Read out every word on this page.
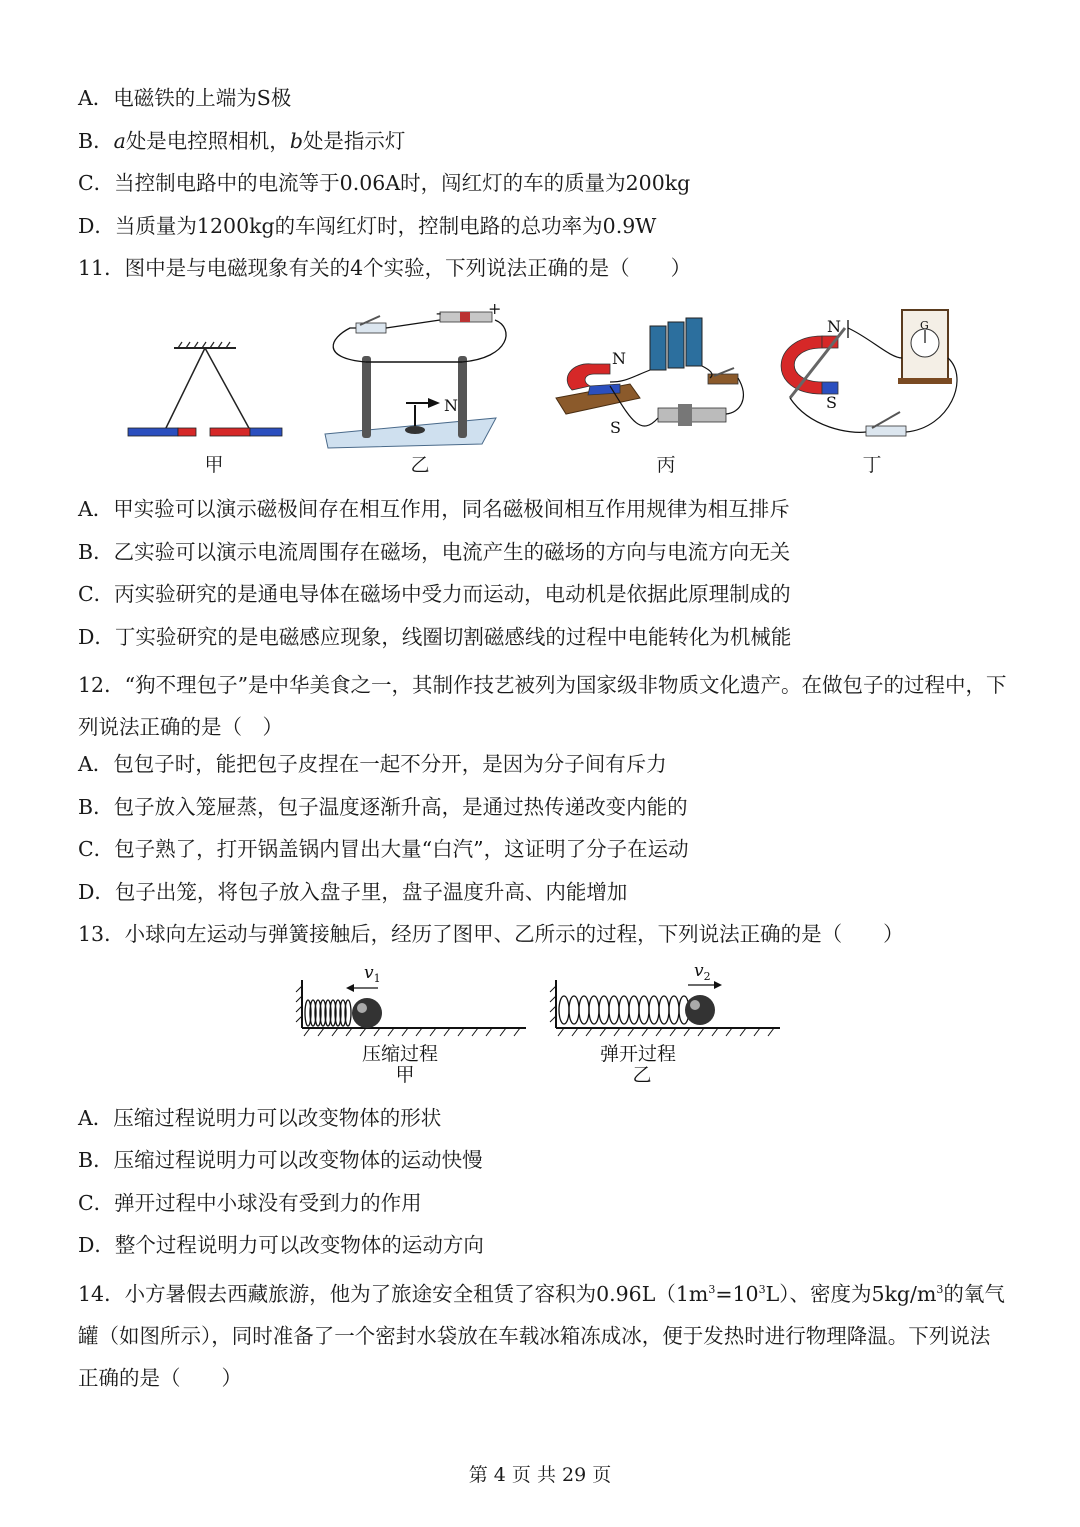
A．电磁铁的上端为S极
B．a处是电控照相机，b处是指示灯
C．当控制电路中的电流等于0.06A时，闯红灯的车的质量为200kg
D．当质量为1200kg的车闯红灯时，控制电路的总功率为0.9W
11．图中是与电磁现象有关的4个实验，下列说法正确的是（　　）
N
+
-
N
S
N
S
G
甲	乙	丙	丁
A．甲实验可以演示磁极间存在相互作用，同名磁极间相互作用规律为相互排斥
B．乙实验可以演示电流周围存在磁场，电流产生的磁场的方向与电流方向无关
C．丙实验研究的是通电导体在磁场中受力而运动，电动机是依据此原理制成的
D．丁实验研究的是电磁感应现象，线圈切割磁感线的过程中电能转化为机械能
12．“狗不理包子”是中华美食之一，其制作技艺被列为国家级非物质文化遗产。在做包子的过程中，下列说法正确的是（　）
A．包包子时，能把包子皮捏在一起不分开，是因为分子间有斥力
B．包子放入笼屉蒸，包子温度逐渐升高，是通过热传递改变内能的
C．包子熟了，打开锅盖锅内冒出大量“白汽”，这证明了分子在运动
D．包子出笼，将包子放入盘子里，盘子温度升高、内能增加
13．小球向左运动与弹簧接触后，经历了图甲、乙所示的过程，下列说法正确的是（　　）
$v_1$
压缩过程
甲
$v_2$
弹开过程
乙
A．压缩过程说明力可以改变物体的形状
B．压缩过程说明力可以改变物体的运动快慢
C．弹开过程中小球没有受到力的作用
D．整个过程说明力可以改变物体的运动方向
14．小方暑假去西藏旅游，他为了旅途安全租赁了容积为$0.96L(1m^3=10^3L)$、密度为$5kg/m^3$的氧气罐（如图所示），同时准备了一个密封水袋放在车载冰箱冻成冰，便于发热时进行物理降温。下列说法正确的是（　　）
第 4 页 共 29 页
